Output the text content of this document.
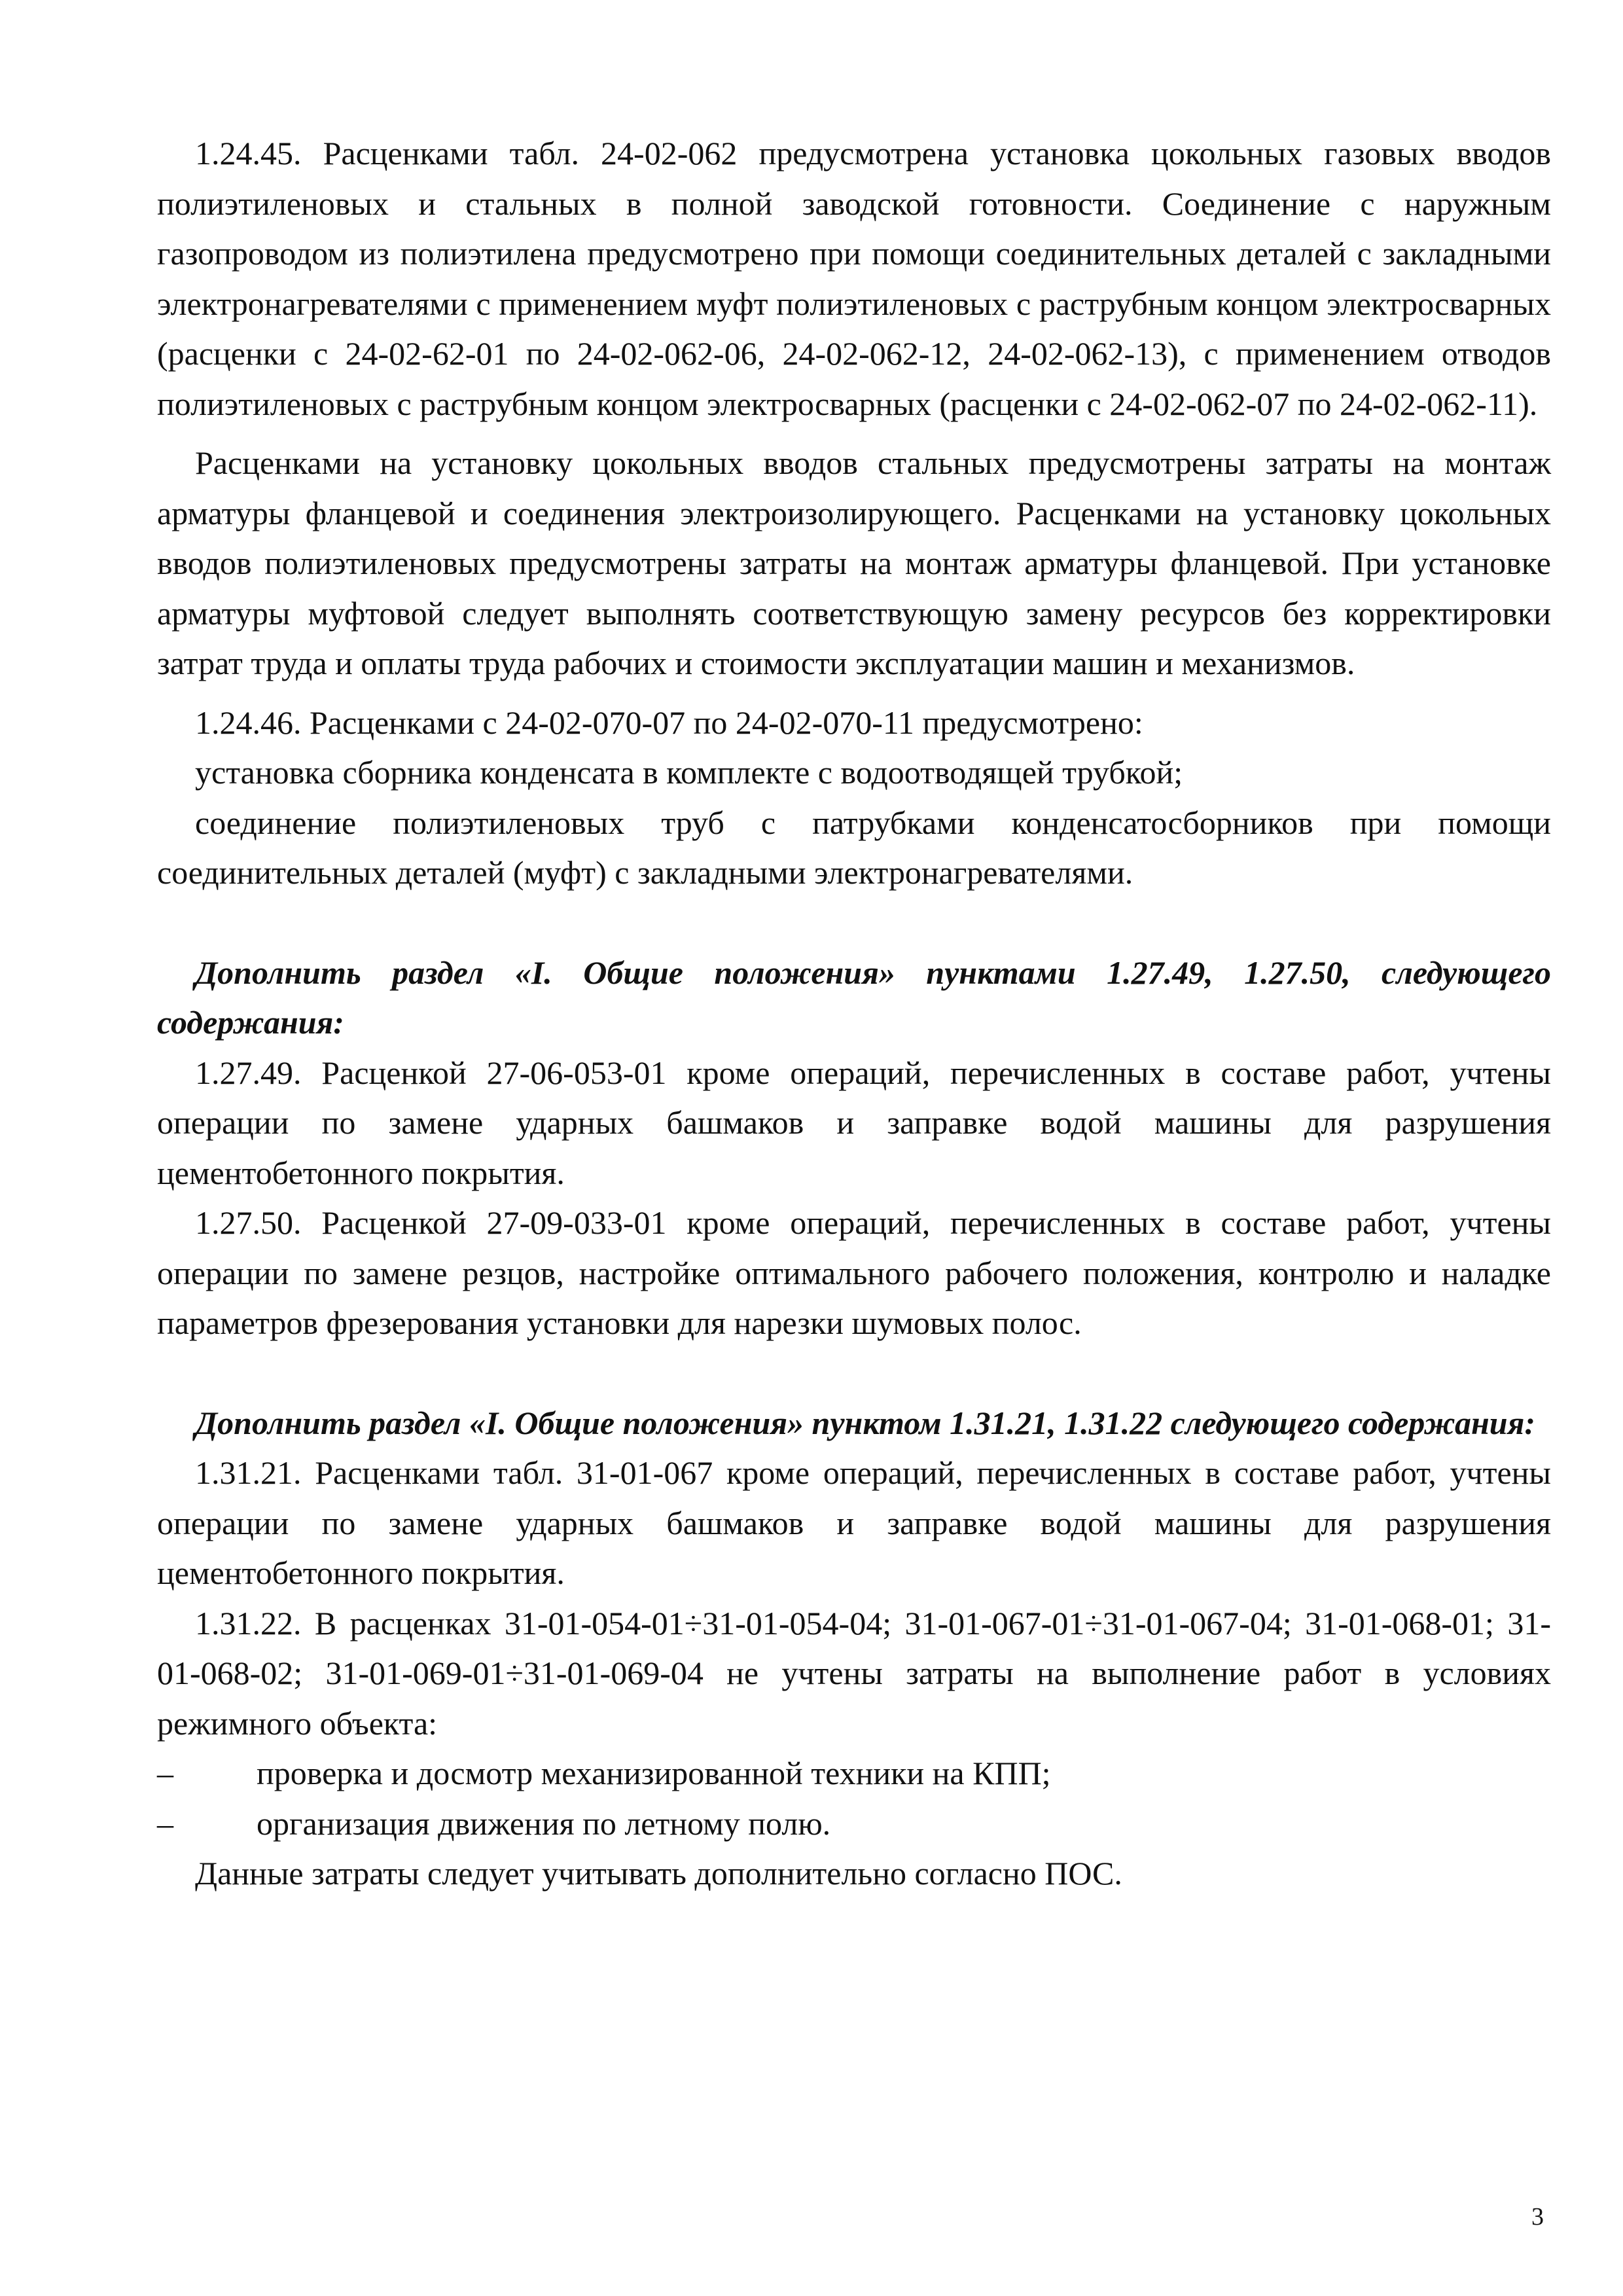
1.24.45. Расценками табл. 24-02-062 предусмотрена установка цокольных газовых вводов полиэтиленовых и стальных в полной заводской готовности. Соединение с наружным газопроводом из полиэтилена предусмотрено при помощи соединительных деталей с закладными электронагревателями с применением муфт полиэтиленовых с раструбным концом электросварных (расценки с 24-02-62-01 по 24-02-062-06, 24-02-062-12, 24-02-062-13), с применением отводов полиэтиленовых с раструбным концом электросварных (расценки с 24-02-062-07 по 24-02-062-11).

Расценками на установку цокольных вводов стальных предусмотрены затраты на монтаж арматуры фланцевой и соединения электроизолирующего. Расценками на установку цокольных вводов полиэтиленовых предусмотрены затраты на монтаж арматуры фланцевой. При установке арматуры муфтовой следует выполнять соответствующую замену ресурсов без корректировки затрат труда и оплаты труда рабочих и стоимости эксплуатации машин и механизмов.

1.24.46. Расценками с 24-02-070-07 по 24-02-070-11 предусмотрено:

установка сборника конденсата в комплекте с водоотводящей трубкой;

соединение полиэтиленовых труб с патрубками конденсатосборников при помощи соединительных деталей (муфт) с закладными электронагревателями.

Дополнить раздел «I. Общие положения» пунктами 1.27.49, 1.27.50, следующего содержания:

1.27.49. Расценкой 27-06-053-01 кроме операций, перечисленных в составе работ, учтены операции по замене ударных башмаков и заправке водой машины для разрушения цементобетонного покрытия.

1.27.50. Расценкой 27-09-033-01 кроме операций, перечисленных в составе работ, учтены операции по замене резцов, настройке оптимального рабочего положения, контролю и наладке параметров фрезерования установки для нарезки шумовых полос.

Дополнить раздел «I. Общие положения» пунктом 1.31.21, 1.31.22 следующего содержания:

1.31.21. Расценками табл. 31-01-067 кроме операций, перечисленных в составе работ, учтены операции по замене ударных башмаков и заправке водой машины для разрушения цементобетонного покрытия.

1.31.22. В расценках 31-01-054-01÷31-01-054-04; 31-01-067-01÷31-01-067-04; 31-01-068-01; 31-01-068-02; 31-01-069-01÷31-01-069-04 не учтены затраты на выполнение работ в условиях режимного объекта:

–	проверка и досмотр механизированной техники на КПП;
–	организация движения по летному полю.

Данные затраты следует учитывать дополнительно согласно ПОС.

3
